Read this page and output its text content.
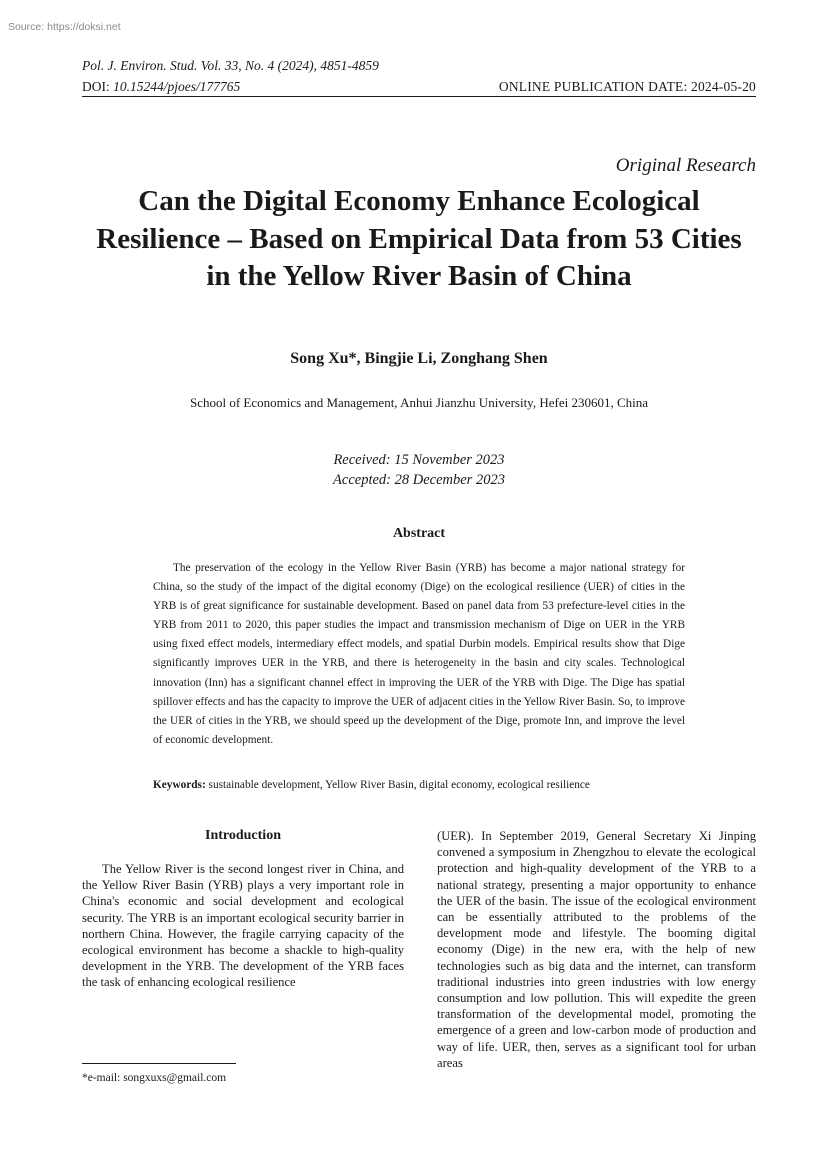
Source: https://doksi.net
Pol. J. Environ. Stud. Vol. 33, No. 4 (2024), 4851-4859
DOI: 10.15244/pjoes/177765	ONLINE PUBLICATION DATE: 2024-05-20
Original Research
Can the Digital Economy Enhance Ecological Resilience – Based on Empirical Data from 53 Cities in the Yellow River Basin of China
Song Xu*, Bingjie Li, Zonghang Shen
School of Economics and Management, Anhui Jianzhu University, Hefei 230601, China
Received: 15 November 2023
Accepted: 28 December 2023
Abstract
The preservation of the ecology in the Yellow River Basin (YRB) has become a major national strategy for China, so the study of the impact of the digital economy (Dige) on the ecological resilience (UER) of cities in the YRB is of great significance for sustainable development. Based on panel data from 53 prefecture-level cities in the YRB from 2011 to 2020, this paper studies the impact and transmission mechanism of Dige on UER in the YRB using fixed effect models, intermediary effect models, and spatial Durbin models. Empirical results show that Dige significantly improves UER in the YRB, and there is heterogeneity in the basin and city scales. Technological innovation (Inn) has a significant channel effect in improving the UER of the YRB with Dige. The Dige has spatial spillover effects and has the capacity to improve the UER of adjacent cities in the Yellow River Basin. So, to improve the UER of cities in the YRB, we should speed up the development of the Dige, promote Inn, and improve the level of economic development.
Keywords: sustainable development, Yellow River Basin, digital economy, ecological resilience
Introduction
The Yellow River is the second longest river in China, and the Yellow River Basin (YRB) plays a very important role in China's economic and social development and ecological security. The YRB is an important ecological security barrier in northern China. However, the fragile carrying capacity of the ecological environment has become a shackle to high-quality development in the YRB. The development of the YRB faces the task of enhancing ecological resilience
(UER). In September 2019, General Secretary Xi Jinping convened a symposium in Zhengzhou to elevate the ecological protection and high-quality development of the YRB to a national strategy, presenting a major opportunity to enhance the UER of the basin. The issue of the ecological environment can be essentially attributed to the problems of the development mode and lifestyle. The booming digital economy (Dige) in the new era, with the help of new technologies such as big data and the internet, can transform traditional industries into green industries with low energy consumption and low pollution. This will expedite the green transformation of the developmental model, promoting the emergence of a green and low-carbon mode of production and way of life. UER, then, serves as a significant tool for urban areas
*e-mail: songxuxs@gmail.com
